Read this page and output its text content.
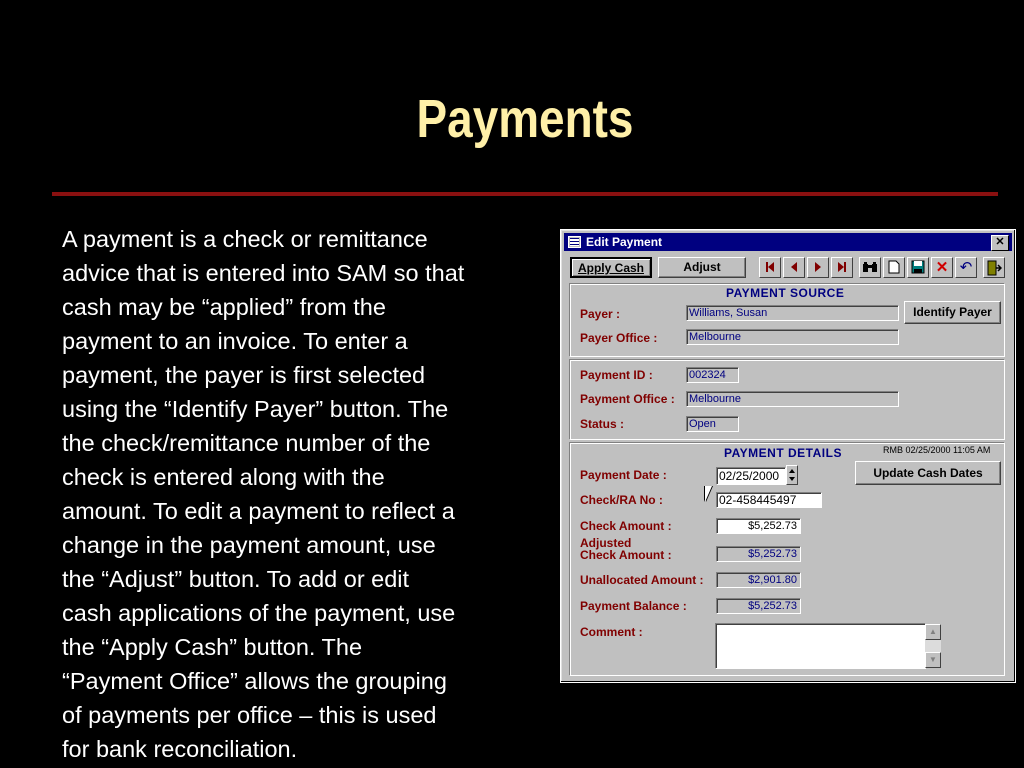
Payments
A payment is a check or remittance
advice that is entered into SAM so that
cash may be “applied” from the
payment to an invoice. To enter a
payment, the payer is first selected
using the “Identify Payer” button. The
the check/remittance number of the
check is entered along with the
amount. To edit a payment to reflect a
change in the payment amount, use
the “Adjust” button. To add or edit
cash applications of the payment, use
the “Apply Cash” button. The
“Payment Office” allows the grouping
of payments per office – this is used
for bank reconciliation.
Edit Payment	✕
Apply Cash	Adjust	✕ ↶
PAYMENT SOURCE
Payer :	Williams, Susan	Identify Payer
Payer Office :	Melbourne
Payment ID :	002324
Payment Office : Melbourne
Status :	Open
PAYMENT DETAILS	RMB 02/25/2000 11:05 AM
Payment Date :	02/25/2000	Update Cash Dates
Check/RA No :	02-458445497
Check Amount :	$5,252.73
Adjusted
Check Amount :	$5,252.73
Unallocated Amount :	$2,901.80
Payment Balance :	$5,252.73
Comment :	▲
▼
